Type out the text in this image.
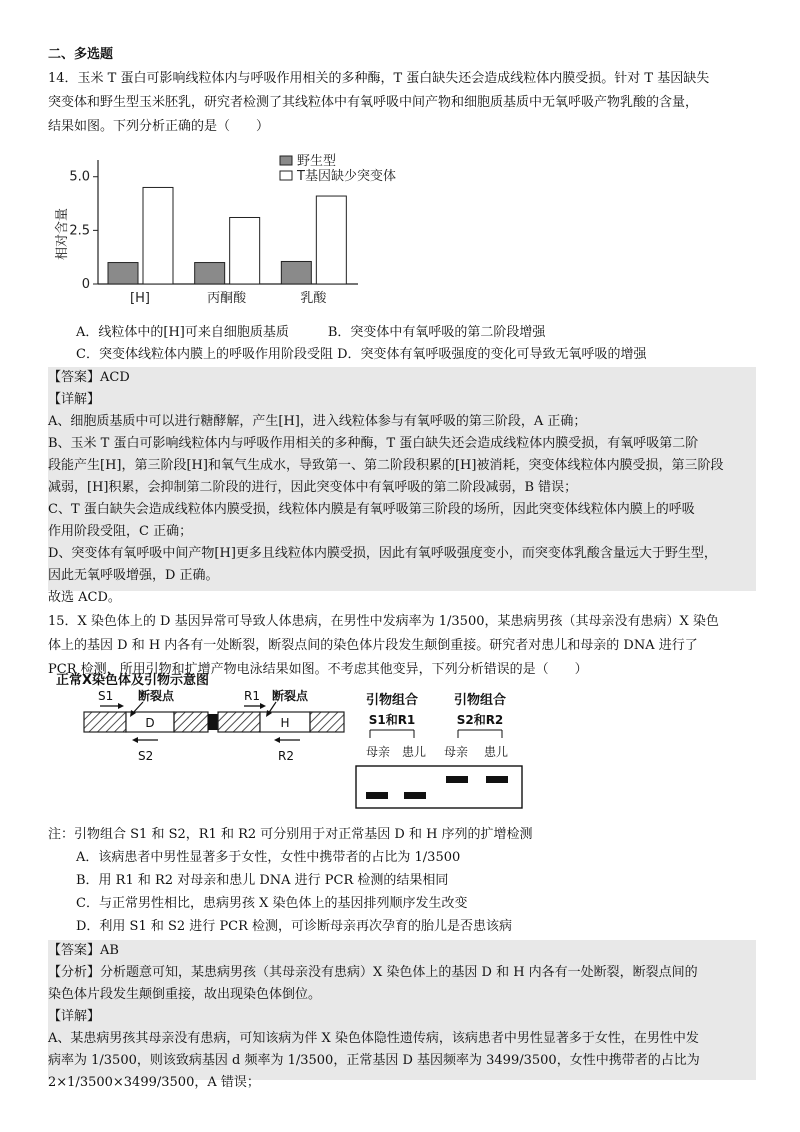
二、多选题
14．玉米 T 蛋白可影响线粒体内与呼吸作用相关的多种酶，T 蛋白缺失还会造成线粒体内膜受损。针对 T 基因缺失
突变体和野生型玉米胚乳，研究者检测了其线粒体中有氧呼吸中间产物和细胞质基质中无氧呼吸产物乳酸的含量，
结果如图。下列分析正确的是（　　）
相对含量
0
2.5
5.0
[H]	丙酮酸	乳酸
野生型
T基因缺少突变体
A．线粒体中的[H]可来自细胞质基质　　　B．突变体中有氧呼吸的第二阶段增强
C．突变体线粒体内膜上的呼吸作用阶段受阻 D．突变体有氧呼吸强度的变化可导致无氧呼吸的增强
【答案】ACD
【详解】
A、细胞质基质中可以进行糖酵解，产生[H]，进入线粒体参与有氧呼吸的第三阶段，A 正确；
B、玉米 T 蛋白可影响线粒体内与呼吸作用相关的多种酶，T 蛋白缺失还会造成线粒体内膜受损，有氧呼吸第二阶
段能产生[H]，第三阶段[H]和氧气生成水，导致第一、第二阶段积累的[H]被消耗，突变体线粒体内膜受损，第三阶段
减弱，[H]积累，会抑制第二阶段的进行，因此突变体中有氧呼吸的第二阶段减弱，B 错误；
C、T 蛋白缺失会造成线粒体内膜受损，线粒体内膜是有氧呼吸第三阶段的场所，因此突变体线粒体内膜上的呼吸
作用阶段受阻，C 正确；
D、突变体有氧呼吸中间产物[H]更多且线粒体内膜受损，因此有氧呼吸强度变小，而突变体乳酸含量远大于野生型，
因此无氧呼吸增强，D 正确。
故选 ACD。
15．X 染色体上的 D 基因异常可导致人体患病，在男性中发病率为 1/3500，某患病男孩（其母亲没有患病）X 染色
体上的基因 D 和 H 内各有一处断裂，断裂点间的染色体片段发生颠倒重接。研究者对患儿和母亲的 DNA 进行了
PCR 检测，所用引物和扩增产物电泳结果如图。不考虑其他变异，下列分析错误的是（　　）
正常X染色体及引物示意图
D	H
S1 断裂点
S2
R1 断裂点
R2
引物组合
S1和R1
引物组合
S2和R2
母亲 患儿 母亲 患儿
注：引物组合 S1 和 S2，R1 和 R2 可分别用于对正常基因 D 和 H 序列的扩增检测
A．该病患者中男性显著多于女性，女性中携带者的占比为 1/3500
B．用 R1 和 R2 对母亲和患儿 DNA 进行 PCR 检测的结果相同
C．与正常男性相比，患病男孩 X 染色体上的基因排列顺序发生改变
D．利用 S1 和 S2 进行 PCR 检测，可诊断母亲再次孕育的胎儿是否患该病
【答案】AB
【分析】分析题意可知，某患病男孩（其母亲没有患病）X 染色体上的基因 D 和 H 内各有一处断裂，断裂点间的
染色体片段发生颠倒重接，故出现染色体倒位。
【详解】
A、某患病男孩其母亲没有患病，可知该病为伴 X 染色体隐性遗传病，该病患者中男性显著多于女性，在男性中发
病率为 1/3500，则该致病基因 d 频率为 1/3500，正常基因 D 基因频率为 3499/3500，女性中携带者的占比为
2×1/3500×3499/3500，A 错误；
